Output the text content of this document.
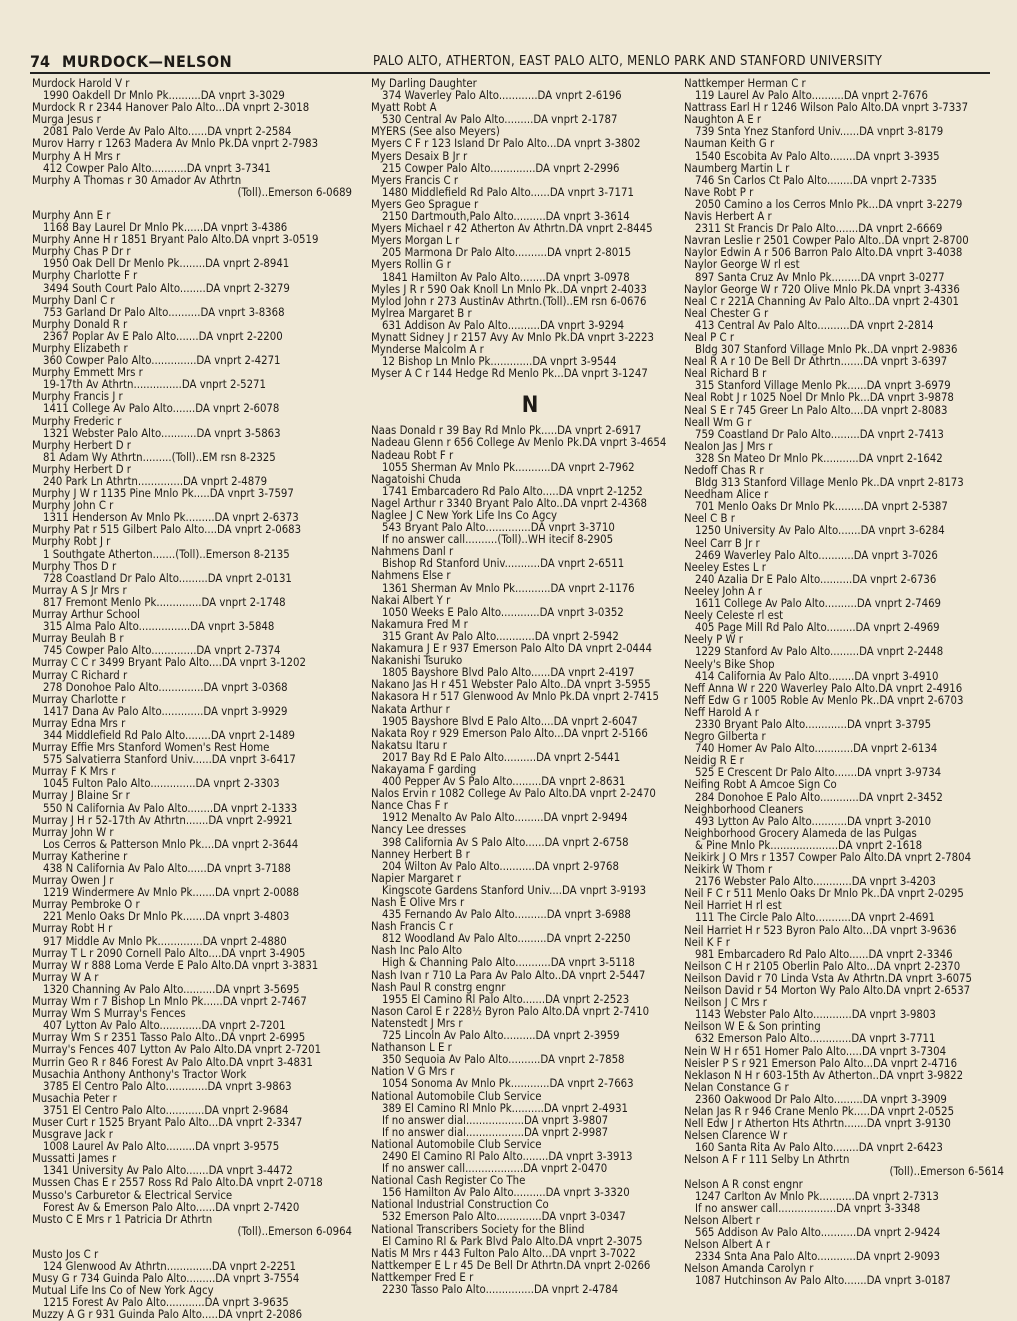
74 MURDOCK—NELSON	PALO ALTO, ATHERTON, EAST PALO ALTO, MENLO PARK AND STANFORD UNIVERSITY
Murdock Harold V r
1990 Oakdell Dr Mnlo Pk..........DA vnprt 3-3029
Murdock R r 2344 Hanover Palo Alto...DA vnprt 2-3018
Murga Jesus r
2081 Palo Verde Av Palo Alto......DA vnprt 2-2584
Murov Harry r 1263 Madera Av Mnlo Pk.DA vnprt 2-7983
Murphy A H Mrs r
412 Cowper Palo Alto...........DA vnprt 3-7341
Murphy A Thomas r 30 Amador Av Athrtn
(Toll)..Emerson 6-0689
Murphy Ann E r
1168 Bay Laurel Dr Mnlo Pk......DA vnprt 3-4386
Murphy Anne H r 1851 Bryant Palo Alto.DA vnprt 3-0519
Murphy Chas P Dr r
1950 Oak Dell Dr Menlo Pk........DA vnprt 2-8941
Murphy Charlotte F r
3494 South Court Palo Alto........DA vnprt 2-3279
Murphy Danl C r
753 Garland Dr Palo Alto..........DA vnprt 3-8368
Murphy Donald R r
2367 Poplar Av E Palo Alto.......DA vnprt 2-2200
Murphy Elizabeth r
360 Cowper Palo Alto..............DA vnprt 2-4271
Murphy Emmett Mrs r
19-17th Av Athrtn...............DA vnprt 2-5271
Murphy Francis J r
1411 College Av Palo Alto.......DA vnprt 2-6078
Murphy Frederic r
1321 Webster Palo Alto...........DA vnprt 3-5863
Murphy Herbert D r
81 Adam Wy Athrtn.........(Toll)..EM rsn 8-2325
Murphy Herbert D r
240 Park Ln Athrtn..............DA vnprt 2-4879
Murphy J W r 1135 Pine Mnlo Pk.....DA vnprt 3-7597
Murphy John C r
1311 Henderson Av Mnlo Pk.........DA vnprt 2-6373
Murphy Pat r 515 Gilbert Palo Alto....DA vnprt 2-0683
Murphy Robt J r
1 Southgate Atherton.......(Toll)..Emerson 8-2135
Murphy Thos D r
728 Coastland Dr Palo Alto.........DA vnprt 2-0131
Murray A S Jr Mrs r
817 Fremont Menlo Pk..............DA vnprt 2-1748
Murray Arthur School
315 Alma Palo Alto................DA vnprt 3-5848
Murray Beulah B r
745 Cowper Palo Alto..............DA vnprt 2-7374
Murray C C r 3499 Bryant Palo Alto....DA vnprt 3-1202
Murray C Richard r
278 Donohoe Palo Alto..............DA vnprt 3-0368
Murray Charlotte r
1417 Dana Av Palo Alto.............DA vnprt 3-9929
Murray Edna Mrs r
344 Middlefield Rd Palo Alto........DA vnprt 2-1489
Murray Effie Mrs Stanford Women's Rest Home
575 Salvatierra Stanford Univ......DA vnprt 3-6417
Murray F K Mrs r
1045 Fulton Palo Alto..............DA vnprt 2-3303
Murray J Blaine Sr r
550 N California Av Palo Alto........DA vnprt 2-1333
Murray J H r 52-17th Av Athrtn.......DA vnprt 2-9921
Murray John W r
Los Cerros & Patterson Mnlo Pk....DA vnprt 2-3644
Murray Katherine r
438 N California Av Palo Alto......DA vnprt 3-7188
Murray Owen J r
1219 Windermere Av Mnlo Pk.......DA vnprt 2-0088
Murray Pembroke O r
221 Menlo Oaks Dr Mnlo Pk.......DA vnprt 3-4803
Murray Robt H r
917 Middle Av Mnlo Pk..............DA vnprt 2-4880
Murray T L r 2090 Cornell Palo Alto....DA vnprt 3-4905
Murray W r 888 Loma Verde E Palo Alto.DA vnprt 3-3831
Murray W A r
1320 Channing Av Palo Alto..........DA vnprt 3-5695
Murray Wm r 7 Bishop Ln Mnlo Pk......DA vnprt 2-7467
Murray Wm S Murray's Fences
407 Lytton Av Palo Alto.............DA vnprt 2-7201
Murray Wm S r 2351 Tasso Palo Alto..DA vnprt 2-6995
Murray's Fences 407 Lytton Av Palo Alto.DA vnprt 2-7201
Murrin Geo R r 846 Forest Av Palo Alto.DA vnprt 3-4831
Musachia Anthony Anthony's Tractor Work
3785 El Centro Palo Alto.............DA vnprt 3-9863
Musachia Peter r
3751 El Centro Palo Alto............DA vnprt 2-9684
Muser Curt r 1525 Bryant Palo Alto...DA vnprt 2-3347
Musgrave Jack r
1008 Laurel Av Palo Alto.........DA vnprt 3-9575
Mussatti James r
1341 University Av Palo Alto.......DA vnprt 3-4472
Mussen Chas E r 2557 Ross Rd Palo Alto.DA vnprt 2-0718
Musso's Carburetor & Electrical Service
Forest Av & Emerson Palo Alto......DA vnprt 2-7420
Musto C E Mrs r 1 Patricia Dr Athrtn
(Toll)..Emerson 6-0964
Musto Jos C r
124 Glenwood Av Athrtn..............DA vnprt 2-2251
Musy G r 734 Guinda Palo Alto.........DA vnprt 3-7554
Mutual Life Ins Co of New York Agcy
1215 Forest Av Palo Alto............DA vnprt 3-9635
Muzzy A G r 931 Guinda Palo Alto.....DA vnprt 2-2086
My Darling Daughter
374 Waverley Palo Alto............DA vnprt 2-6196
Myatt Robt A
530 Central Av Palo Alto.........DA vnprt 2-1787
MYERS (See also Meyers)
Myers C F r 123 Island Dr Palo Alto...DA vnprt 3-3802
Myers Desaix B Jr r
215 Cowper Palo Alto..............DA vnprt 2-2996
Myers Francis C r
1480 Middlefield Rd Palo Alto......DA vnprt 3-7171
Myers Geo Sprague r
2150 Dartmouth,Palo Alto..........DA vnprt 3-3614
Myers Michael r 42 Atherton Av Athrtn.DA vnprt 2-8445
Myers Morgan L r
205 Marmona Dr Palo Alto..........DA vnprt 2-8015
Myers Rollin G r
1841 Hamilton Av Palo Alto........DA vnprt 3-0978
Myles J R r 590 Oak Knoll Ln Mnlo Pk..DA vnprt 2-4033
Mylod John r 273 AustinAv Athrtn.(Toll)..EM rsn 6-0676
Mylrea Margaret B r
631 Addison Av Palo Alto..........DA vnprt 3-9294
Mynatt Sidney J r 2157 Avy Av Mnlo Pk.DA vnprt 3-2223
Mynderse Malcolm A r
12 Bishop Ln Mnlo Pk.............DA vnprt 3-9544
Myser A C r 144 Hedge Rd Menlo Pk...DA vnprt 3-1247
N
Naas Donald r 39 Bay Rd Mnlo Pk.....DA vnprt 2-6917
Nadeau Glenn r 656 College Av Menlo Pk.DA vnprt 3-4654
Nadeau Robt F r
1055 Sherman Av Mnlo Pk...........DA vnprt 2-7962
Nagatoishi Chuda
1741 Embarcadero Rd Palo Alto.....DA vnprt 2-1252
Nagel Arthur r 3340 Bryant Palo Alto..DA vnprt 2-4368
Naglee J C New York Life Ins Co Agcy
543 Bryant Palo Alto..............DA vnprt 3-3710
If no answer call..........(Toll)..WH itecif 8-2905
Nahmens Danl r
Bishop Rd Stanford Univ...........DA vnprt 2-6511
Nahmens Else r
1361 Sherman Av Mnlo Pk...........DA vnprt 2-1176
Nakai Albert Y r
1050 Weeks E Palo Alto............DA vnprt 3-0352
Nakamura Fred M r
315 Grant Av Palo Alto............DA vnprt 2-5942
Nakamura J E r 937 Emerson Palo Alto DA vnprt 2-0444
Nakanishi Tsuruko
1805 Bayshore Blvd Palo Alto......DA vnprt 2-4197
Nakano Jas H r 451 Webster Palo Alto..DA vnprt 3-5955
Nakasora H r 517 Glenwood Av Mnlo Pk.DA vnprt 2-7415
Nakata Arthur r
1905 Bayshore Blvd E Palo Alto....DA vnprt 2-6047
Nakata Roy r 929 Emerson Palo Alto...DA vnprt 2-5166
Nakatsu Itaru r
2017 Bay Rd E Palo Alto..........DA vnprt 2-5441
Nakayama F garding
400 Pepper Av S Palo Alto.........DA vnprt 2-8631
Nalos Ervin r 1082 College Av Palo Alto.DA vnprt 2-2470
Nance Chas F r
1912 Menalto Av Palo Alto.........DA vnprt 2-9494
Nancy Lee dresses
398 California Av S Palo Alto......DA vnprt 2-6758
Nanney Herbert B r
204 Wilton Av Palo Alto...........DA vnprt 2-9768
Napier Margaret r
Kingscote Gardens Stanford Univ....DA vnprt 3-9193
Nash E Olive Mrs r
435 Fernando Av Palo Alto..........DA vnprt 3-6988
Nash Francis C r
812 Woodland Av Palo Alto.........DA vnprt 2-2250
Nash Inc Palo Alto
High & Channing Palo Alto...........DA vnprt 3-5118
Nash Ivan r 710 La Para Av Palo Alto..DA vnprt 2-5447
Nash Paul R constrg engnr
1955 El Camino Rl Palo Alto.......DA vnprt 2-2523
Nason Carol E r 228½ Byron Palo Alto.DA vnprt 2-7410
Natenstedt J Mrs r
725 Lincoln Av Palo Alto..........DA vnprt 2-3959
Nathanson L E r
350 Sequoia Av Palo Alto..........DA vnprt 2-7858
Nation V G Mrs r
1054 Sonoma Av Mnlo Pk............DA vnprt 2-7663
National Automobile Club Service
389 El Camino Rl Mnlo Pk..........DA vnprt 2-4931
If no answer dial..................DA vnprt 3-9807
If no answer dial..................DA vnprt 2-9987
National Automobile Club Service
2490 El Camino Rl Palo Alto........DA vnprt 3-3913
If no answer call..................DA vnprt 2-0470
National Cash Register Co The
156 Hamilton Av Palo Alto..........DA vnprt 3-3320
National Industrial Construction Co
532 Emerson Palo Alto..............DA vnprt 3-0347
National Transcribers Society for the Blind
El Camino Rl & Park Blvd Palo Alto.DA vnprt 2-3075
Natis M Mrs r 443 Fulton Palo Alto...DA vnprt 3-7022
Nattkemper E L r 45 De Bell Dr Athrtn.DA vnprt 2-0266
Nattkemper Fred E r
2230 Tasso Palo Alto...............DA vnprt 2-4784
Nattkemper Herman C r
119 Laurel Av Palo Alto..........DA vnprt 2-7676
Nattrass Earl H r 1246 Wilson Palo Alto.DA vnprt 3-7337
Naughton A E r
739 Snta Ynez Stanford Univ......DA vnprt 3-8179
Nauman Keith G r
1540 Escobita Av Palo Alto........DA vnprt 3-3935
Naumberg Martin L r
746 Sn Carlos Ct Palo Alto........DA vnprt 2-7335
Nave Robt P r
2050 Camino a los Cerros Mnlo Pk...DA vnprt 3-2279
Navis Herbert A r
2311 St Francis Dr Palo Alto.......DA vnprt 2-6669
Navran Leslie r 2501 Cowper Palo Alto..DA vnprt 2-8700
Naylor Edwin A r 506 Barron Palo Alto.DA vnprt 3-4038
Naylor George W rl est
897 Santa Cruz Av Mnlo Pk.........DA vnprt 3-0277
Naylor George W r 720 Olive Mnlo Pk.DA vnprt 3-4336
Neal C r 221A Channing Av Palo Alto..DA vnprt 2-4301
Neal Chester G r
413 Central Av Palo Alto..........DA vnprt 2-2814
Neal P C r
Bldg 307 Stanford Village Mnlo Pk..DA vnprt 2-9836
Neal R A r 10 De Bell Dr Athrtn.......DA vnprt 3-6397
Neal Richard B r
315 Stanford Village Menlo Pk......DA vnprt 3-6979
Neal Robt J r 1025 Noel Dr Mnlo Pk...DA vnprt 3-9878
Neal S E r 745 Greer Ln Palo Alto....DA vnprt 2-8083
Neall Wm G r
759 Coastland Dr Palo Alto.........DA vnprt 2-7413
Nealon Jas J Mrs r
328 Sn Mateo Dr Mnlo Pk...........DA vnprt 2-1642
Nedoff Chas R r
Bldg 313 Stanford Village Menlo Pk..DA vnprt 2-8173
Needham Alice r
701 Menlo Oaks Dr Mnlo Pk.........DA vnprt 2-5387
Neel C B r
1250 University Av Palo Alto.......DA vnprt 3-6284
Neel Carr B Jr r
2469 Waverley Palo Alto...........DA vnprt 3-7026
Neeley Estes L r
240 Azalia Dr E Palo Alto..........DA vnprt 2-6736
Neeley John A r
1611 College Av Palo Alto..........DA vnprt 2-7469
Neely Celeste rl est
405 Page Mill Rd Palo Alto.........DA vnprt 2-4969
Neely P W r
1229 Stanford Av Palo Alto.........DA vnprt 2-2448
Neely's Bike Shop
414 California Av Palo Alto........DA vnprt 3-4910
Neff Anna W r 220 Waverley Palo Alto.DA vnprt 2-4916
Neff Edw G r 1005 Roble Av Menlo Pk..DA vnprt 2-6703
Neff Harold A r
2330 Bryant Palo Alto.............DA vnprt 3-3795
Negro Gilberta r
740 Homer Av Palo Alto............DA vnprt 2-6134
Neidig R E r
525 E Crescent Dr Palo Alto.......DA vnprt 3-9734
Neifing Robt A Amcoe Sign Co
284 Donohoe E Palo Alto............DA vnprt 2-3452
Neighborhood Cleaners
493 Lytton Av Palo Alto...........DA vnprt 3-2010
Neighborhood Grocery Alameda de las Pulgas
& Pine Mnlo Pk.....................DA vnprt 2-1618
Neikirk J O Mrs r 1357 Cowper Palo Alto.DA vnprt 2-7804
Neikirk W Thom r
2176 Webster Palo Alto............DA vnprt 3-4203
Neil F C r 511 Menlo Oaks Dr Mnlo Pk..DA vnprt 2-0295
Neil Harriet H rl est
111 The Circle Palo Alto...........DA vnprt 2-4691
Neil Harriet H r 523 Byron Palo Alto...DA vnprt 3-9636
Neil K F r
981 Embarcadero Rd Palo Alto......DA vnprt 2-3346
Neilson C H r 2105 Oberlin Palo Alto...DA vnprt 2-2370
Neilson David r 70 Linda Vsta Av Athrtn.DA vnprt 3-6075
Neilson David r 54 Morton Wy Palo Alto.DA vnprt 2-6537
Neilson J C Mrs r
1143 Webster Palo Alto............DA vnprt 3-9803
Neilson W E & Son printing
632 Emerson Palo Alto.............DA vnprt 3-7711
Nein W H r 651 Homer Palo Alto.....DA vnprt 3-7304
Neisler P S r 921 Emerson Palo Alto...DA vnprt 2-4716
Neklason N H r 603-15th Av Atherton..DA vnprt 3-9822
Nelan Constance G r
2360 Oakwood Dr Palo Alto.........DA vnprt 3-3909
Nelan Jas R r 946 Crane Menlo Pk.....DA vnprt 2-0525
Nell Edw J r Atherton Hts Athrtn.......DA vnprt 3-9130
Nelsen Clarence W r
160 Santa Rita Av Palo Alto........DA vnprt 2-6423
Nelson A F r 111 Selby Ln Athrtn
(Toll)..Emerson 6-5614
Nelson A R const engnr
1247 Carlton Av Mnlo Pk...........DA vnprt 2-7313
If no answer call..................DA vnprt 3-3348
Nelson Albert r
565 Addison Av Palo Alto...........DA vnprt 2-9424
Nelson Albert A r
2334 Snta Ana Palo Alto............DA vnprt 2-9093
Nelson Amanda Carolyn r
1087 Hutchinson Av Palo Alto.......DA vnprt 3-0187
